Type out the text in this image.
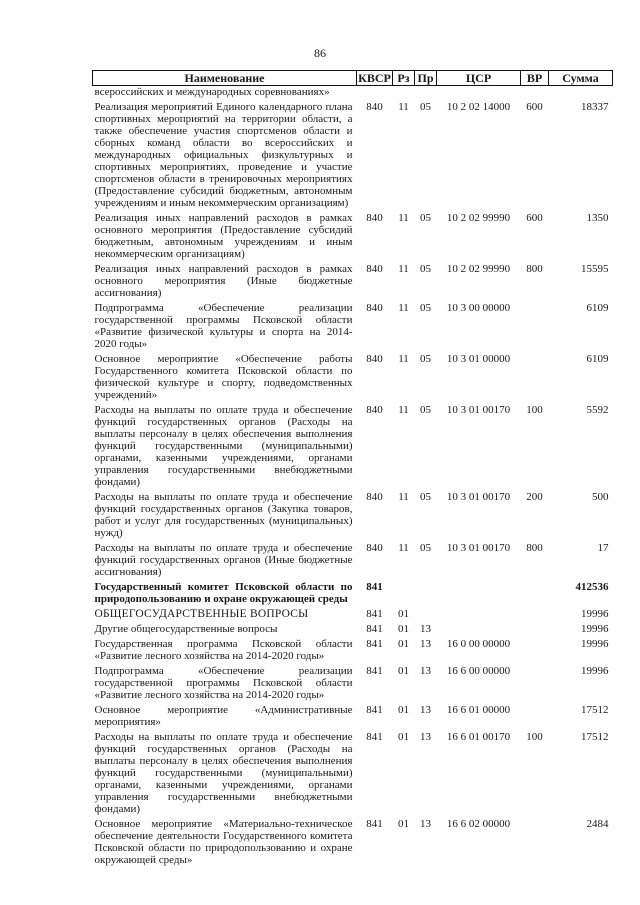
86
Наименование	КВСР	Рз	Пр	ЦСР	ВР	Сумма
всероссийских и международных соревнованиях»						
Реализация мероприятий Единого календарного плана спортивных мероприятий на территории области, а также обеспечение участия спортсменов области и сборных команд области во всероссийских и международных официальных физкультурных и спортивных мероприятиях, проведение и участие спортсменов области в тренировочных мероприятиях (Предоставление субсидий бюджетным, автономным учреждениям и иным некоммерческим организациям)	840	11	05	10 2 02 14000	600	18337
Реализация иных направлений расходов в рамках основного мероприятия (Предоставление субсидий бюджетным, автономным учреждениям и иным некоммерческим организациям)	840	11	05	10 2 02 99990	600	1350
Реализация иных направлений расходов в рамках основного мероприятия (Иные бюджетные ассигнования)	840	11	05	10 2 02 99990	800	15595
Подпрограмма «Обеспечение реализации государственной программы Псковской области «Развитие физической культуры и спорта на 2014-2020 годы»	840	11	05	10 3 00 00000		6109
Основное мероприятие «Обеспечение работы Государственного комитета Псковской области по физической культуре и спорту, подведомственных учреждений»	840	11	05	10 3 01 00000		6109
Расходы на выплаты по оплате труда и обеспечение функций государственных органов (Расходы на выплаты персоналу в целях обеспечения выполнения функций государственными (муниципальными) органами, казенными учреждениями, органами управления государственными внебюджетными фондами)	840	11	05	10 3 01 00170	100	5592
Расходы на выплаты по оплате труда и обеспечение функций государственных органов (Закупка товаров, работ и услуг для государственных (муниципальных) нужд)	840	11	05	10 3 01 00170	200	500
Расходы на выплаты по оплате труда и обеспечение функций государственных органов (Иные бюджетные ассигнования)	840	11	05	10 3 01 00170	800	17
Государственный комитет Псковской области по природопользованию и охране окружающей среды	841					412536
ОБЩЕГОСУДАРСТВЕННЫЕ ВОПРОСЫ	841	01				19996
Другие общегосударственные вопросы	841	01	13			19996
Государственная программа Псковской области «Развитие лесного хозяйства на 2014-2020 годы»	841	01	13	16 0 00 00000		19996
Подпрограмма «Обеспечение реализации государственной программы Псковской области «Развитие лесного хозяйства на 2014-2020 годы»	841	01	13	16 6 00 00000		19996
Основное мероприятие «Административные мероприятия»	841	01	13	16 6 01 00000		17512
Расходы на выплаты по оплате труда и обеспечение функций государственных органов (Расходы на выплаты персоналу в целях обеспечения выполнения функций государственными (муниципальными) органами, казенными учреждениями, органами управления государственными внебюджетными фондами)	841	01	13	16 6 01 00170	100	17512
Основное мероприятие «Материально-техническое обеспечение деятельности Государственного комитета Псковской области по природопользованию и охране окружающей среды»	841	01	13	16 6 02 00000		2484
